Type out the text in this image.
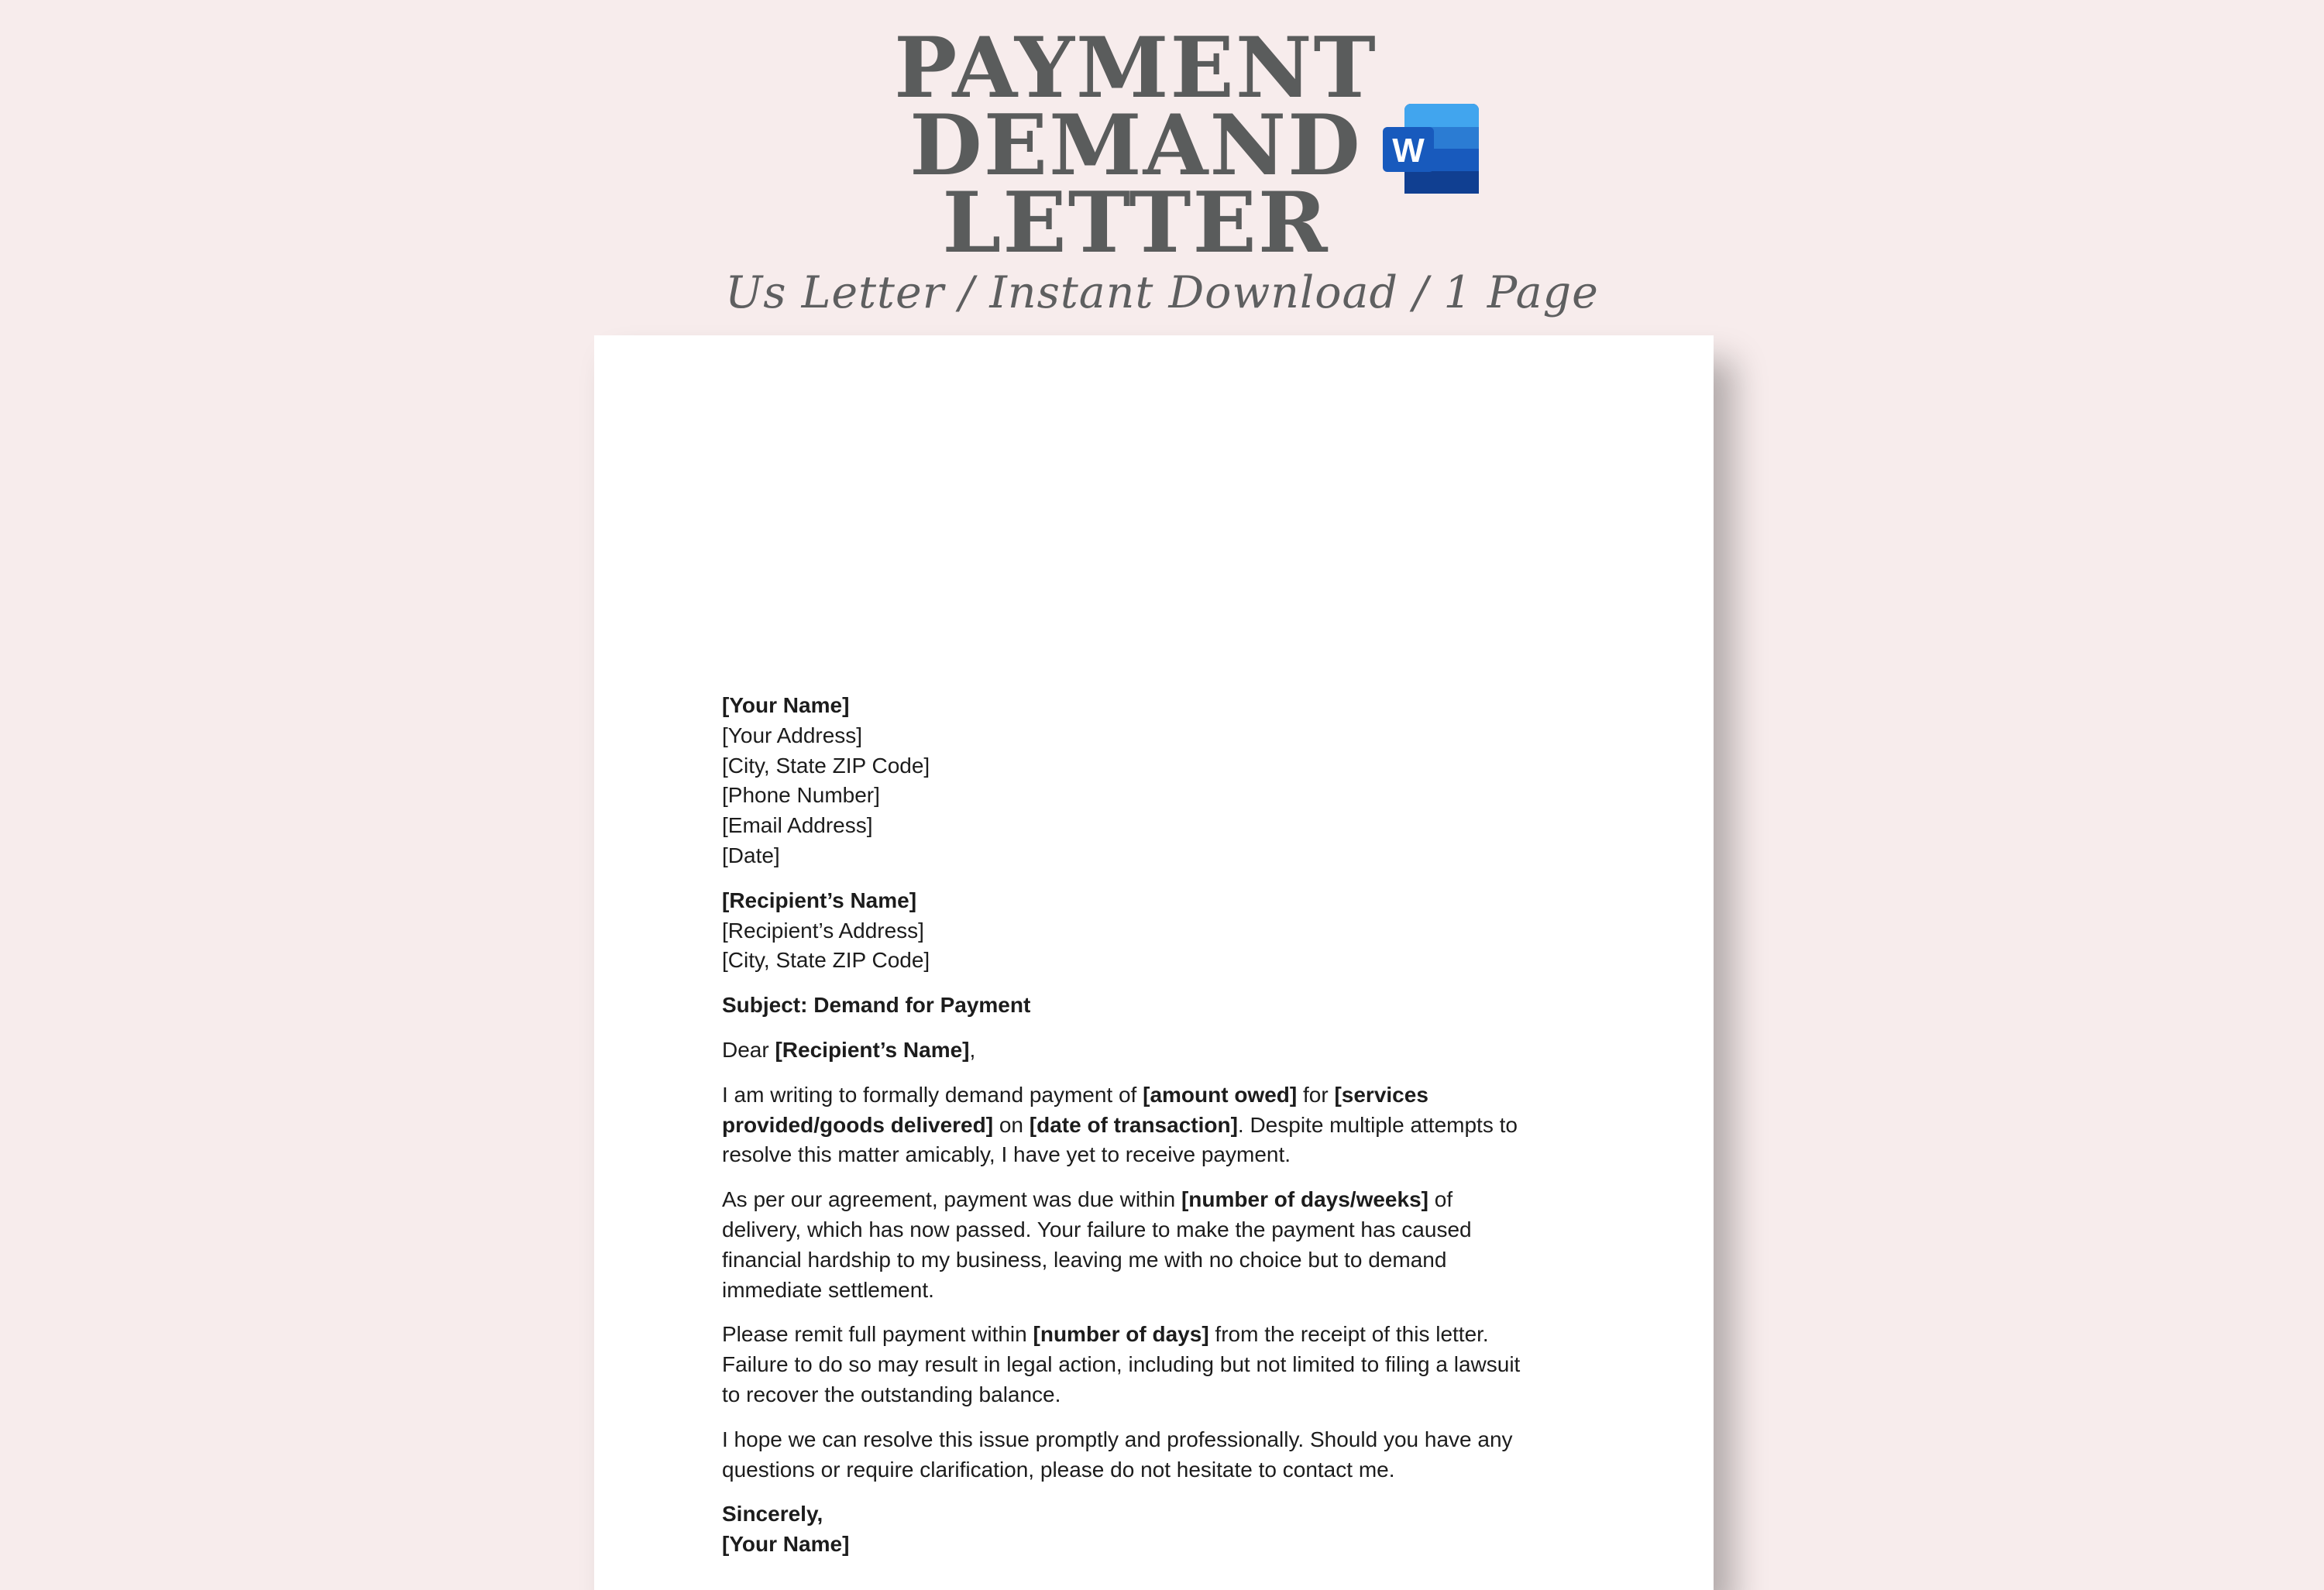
PAYMENT
DEMAND
LETTER
W
Us Letter / Instant Download / 1 Page
[Your Name]
[Your Address]
[City, State ZIP Code]
[Phone Number]
[Email Address]
[Date]
[Recipient’s Name]
[Recipient’s Address]
[City, State ZIP Code]
Subject: Demand for Payment
Dear [Recipient’s Name],
I am writing to formally demand payment of [amount owed] for [services
provided/goods delivered] on [date of transaction]. Despite multiple attempts to
resolve this matter amicably, I have yet to receive payment.
As per our agreement, payment was due within [number of days/weeks] of
delivery, which has now passed. Your failure to make the payment has caused
financial hardship to my business, leaving me with no choice but to demand
immediate settlement.
Please remit full payment within [number of days] from the receipt of this letter.
Failure to do so may result in legal action, including but not limited to filing a lawsuit
to recover the outstanding balance.
I hope we can resolve this issue promptly and professionally. Should you have any
questions or require clarification, please do not hesitate to contact me.
Sincerely,
[Your Name]
